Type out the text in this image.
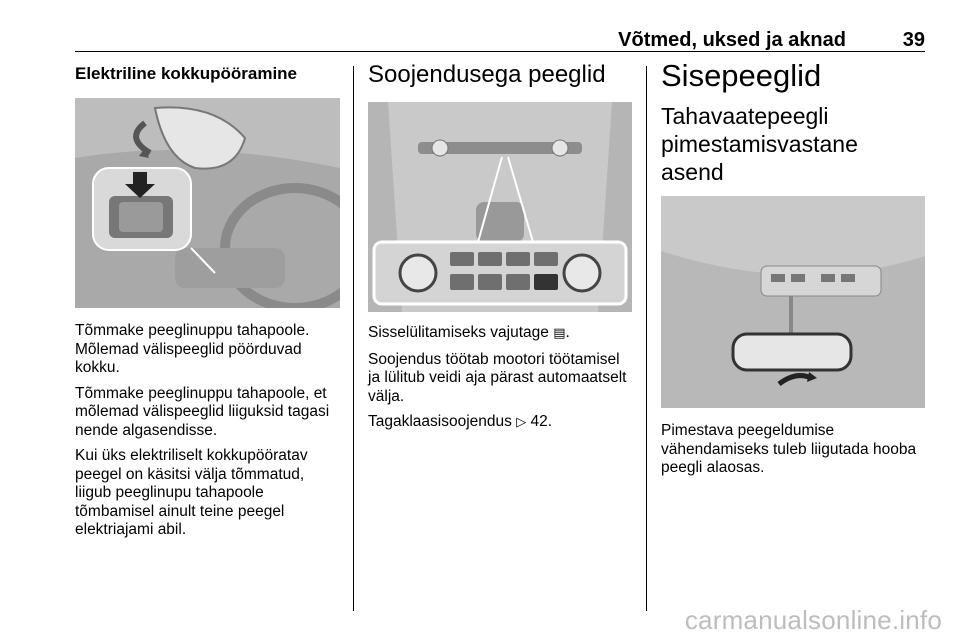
Võtmed, uksed ja aknad	39
Elektriline kokkupööramine

Tõmmake peeglinuppu tahapoole. Mõlemad välispeeglid pöörduvad kokku.

Tõmmake peeglinuppu tahapoole, et mõlemad välispeeglid liiguksid tagasi nende algasendisse.

Kui üks elektriliselt kokkupööratav peegel on käsitsi välja tõmmatud, liigub peeglinupu tahapoole tõmbamisel ainult teine peegel elektriajami abil.

Soojendusega peeglid

Sisselülitamiseks vajutage ▤.

Soojendus töötab mootori töötamisel ja lülitub veidi aja pärast automaatselt välja.

Tagaklaasisoojendus ▷ 42.

Sisepeeglid
Tahavaatepeegli pimestamisvastane asend

Pimestava peegeldumise vähendamiseks tuleb liigutada hooba peegli alaosas.

carmanualsonline.info
